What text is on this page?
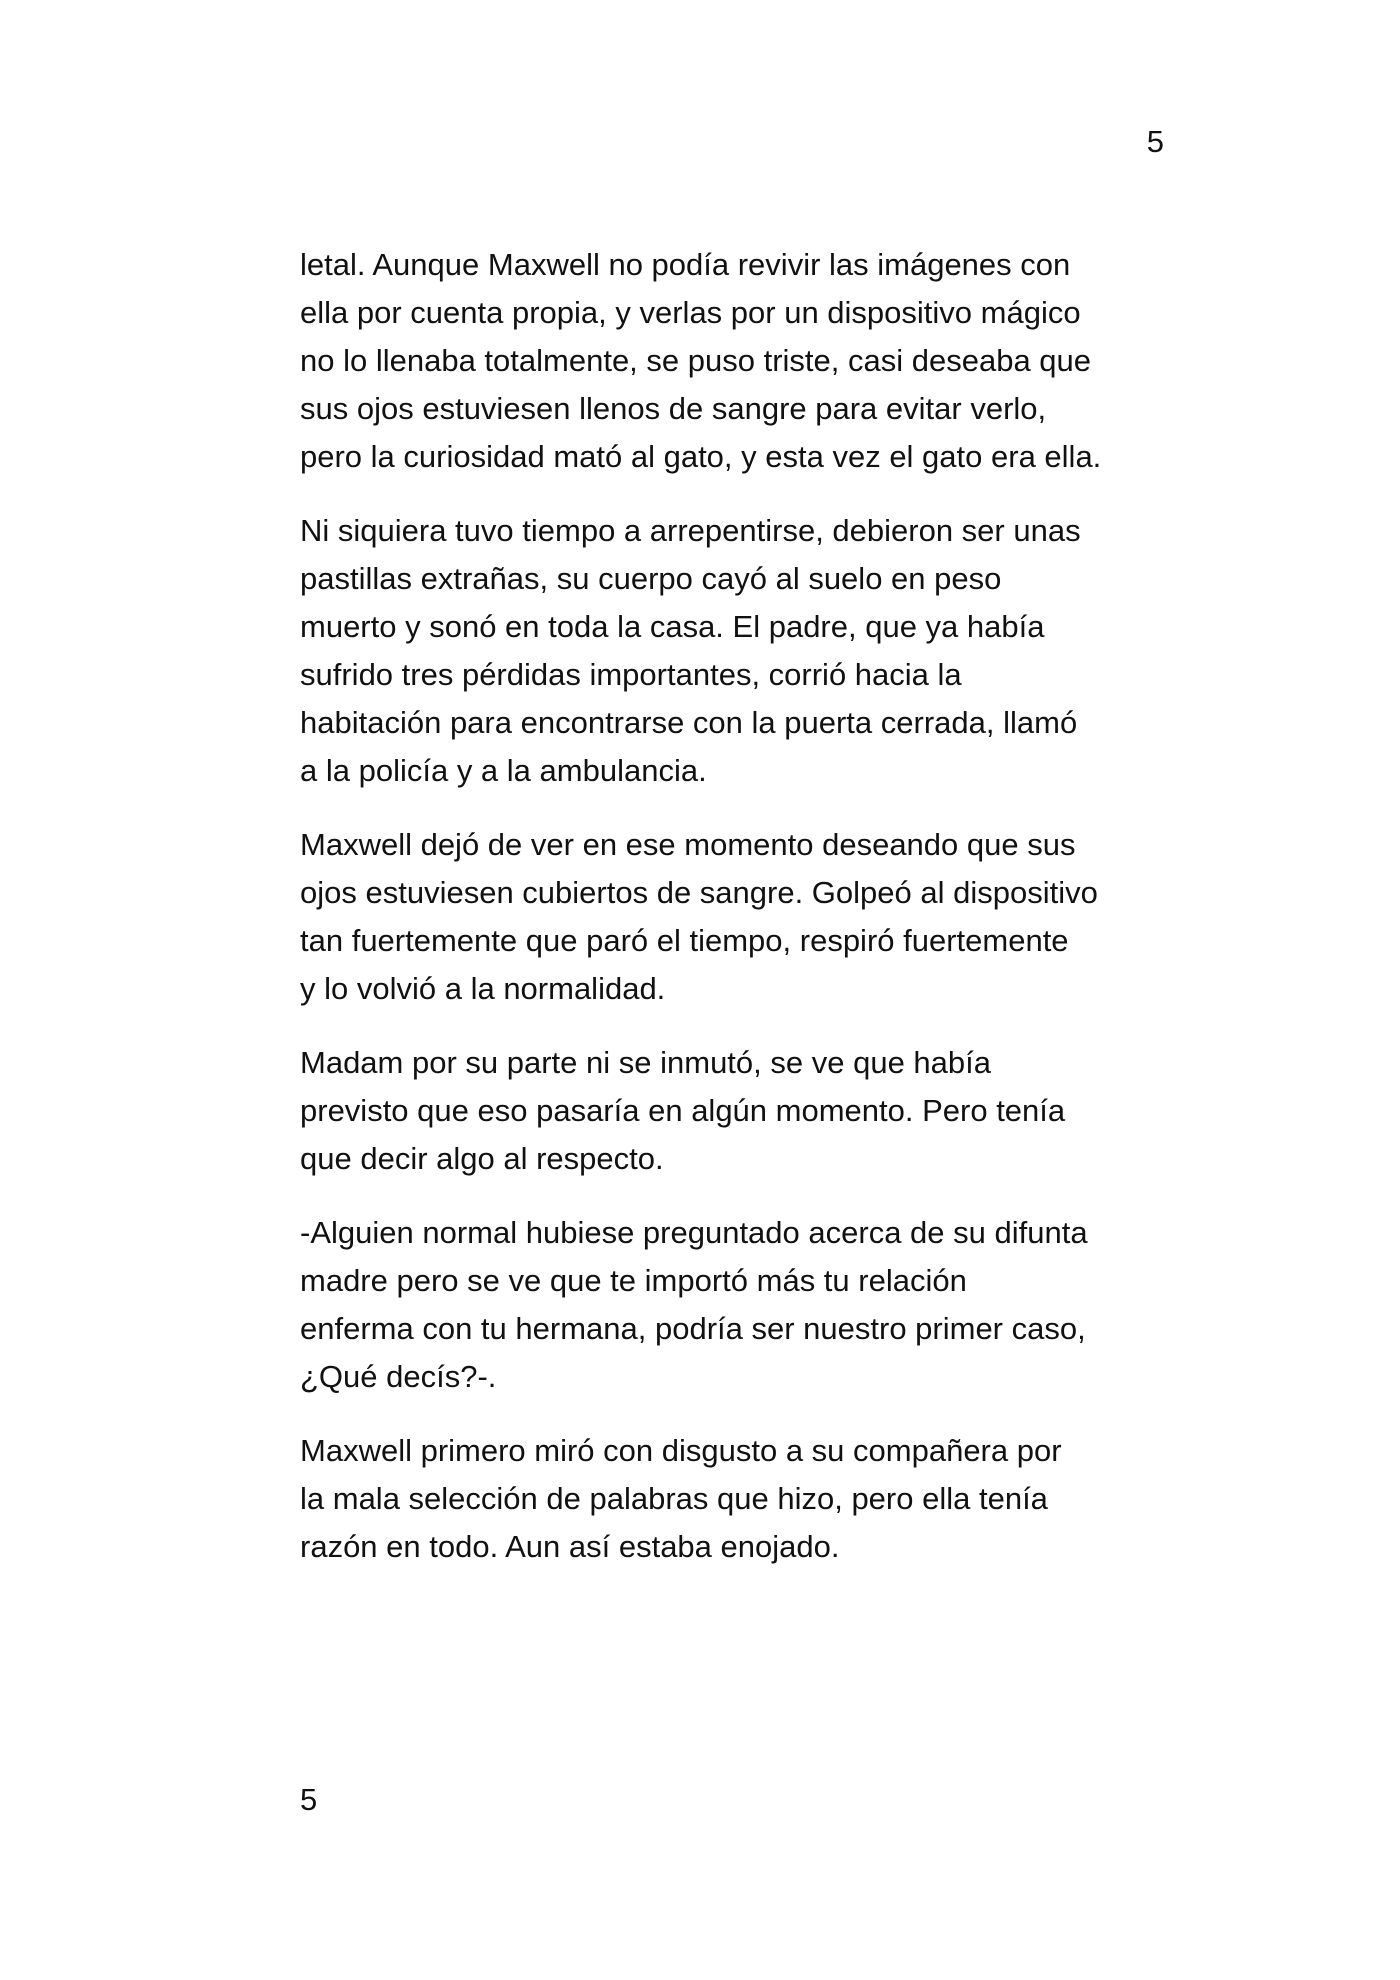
5

letal. Aunque Maxwell no podía revivir las imágenes con
ella por cuenta propia, y verlas por un dispositivo mágico
no lo llenaba totalmente, se puso triste, casi deseaba que
sus ojos estuviesen llenos de sangre para evitar verlo,
pero la curiosidad mató al gato, y esta vez el gato era ella.

Ni siquiera tuvo tiempo a arrepentirse, debieron ser unas
pastillas extrañas, su cuerpo cayó al suelo en peso
muerto y sonó en toda la casa. El padre, que ya había
sufrido tres pérdidas importantes, corrió hacia la
habitación para encontrarse con la puerta cerrada, llamó
a la policía y a la ambulancia.

Maxwell dejó de ver en ese momento deseando que sus
ojos estuviesen cubiertos de sangre. Golpeó al dispositivo
tan fuertemente que paró el tiempo, respiró fuertemente
y lo volvió a la normalidad.

Madam por su parte ni se inmutó, se ve que había
previsto que eso pasaría en algún momento. Pero tenía
que decir algo al respecto.

-Alguien normal hubiese preguntado acerca de su difunta
madre pero se ve que te importó más tu relación
enferma con tu hermana, podría ser nuestro primer caso,
¿Qué decís?-.

Maxwell primero miró con disgusto a su compañera por
la mala selección de palabras que hizo, pero ella tenía
razón en todo. Aun así estaba enojado.

5
